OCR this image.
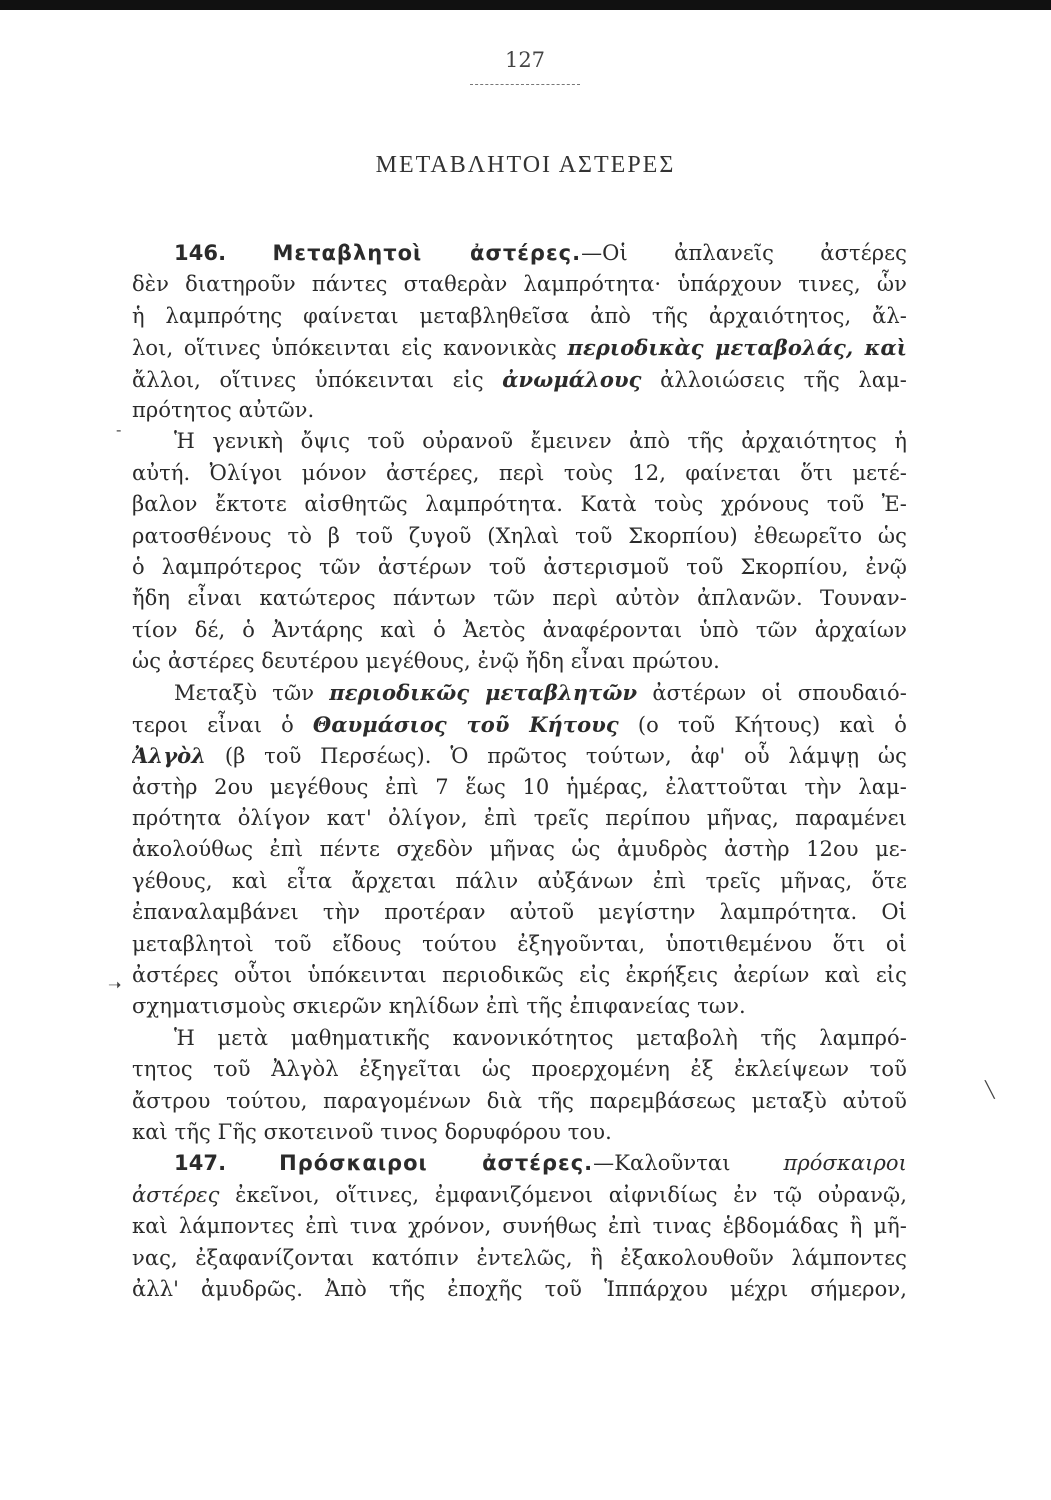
127
ΜΕΤΑΒΛΗΤΟΙ ΑΣΤΕΡΕΣ
‑
➝
╲
146. Μεταβλητοὶ ἀστέρες.—Οἱ ἀπλανεῖς ἀστέρες
δὲν διατηροῦν πάντες σταθερὰν λαμπρότητα· ὑπάρχουν τινες, ὧν
ἡ λαμπρότης φαίνεται μεταβληθεῖσα ἀπὸ τῆς ἀρχαιότητος, ἄλ-
λοι, οἵτινες ὑπόκεινται εἰς κανονικὰς περιοδικὰς μεταβολάς, καὶ
ἄλλοι, οἵτινες ὑπόκεινται εἰς ἀνωμάλους ἀλλοιώσεις τῆς λαμ-
πρότητος αὐτῶν.
Ἡ γενικὴ ὄψις τοῦ οὐρανοῦ ἔμεινεν ἀπὸ τῆς ἀρχαιότητος ἡ
αὐτή. Ὀλίγοι μόνον ἀστέρες, περὶ τοὺς 12, φαίνεται ὅτι μετέ-
βαλον ἔκτοτε αἰσθητῶς λαμπρότητα. Κατὰ τοὺς χρόνους τοῦ Ἐ-
ρατοσθένους τὸ β τοῦ ζυγοῦ (Χηλαὶ τοῦ Σκορπίου) ἐθεωρεῖτο ὡς
ὁ λαμπρότερος τῶν ἀστέρων τοῦ ἀστερισμοῦ τοῦ Σκορπίου, ἐνῷ
ἤδη εἶναι κατώτερος πάντων τῶν περὶ αὐτὸν ἀπλανῶν. Τουναν-
τίον δέ, ὁ Ἀντάρης καὶ ὁ Ἀετὸς ἀναφέρονται ὑπὸ τῶν ἀρχαίων
ὡς ἀστέρες δευτέρου μεγέθους, ἐνῷ ἤδη εἶναι πρώτου.
Μεταξὺ τῶν περιοδικῶς μεταβλητῶν ἀστέρων οἱ σπουδαιό-
τεροι εἶναι ὁ Θαυμάσιος τοῦ Κήτους (ο τοῦ Κήτους) καὶ ὁ
Ἀλγὸλ (β τοῦ Περσέως). Ὁ πρῶτος τούτων, ἀφ' οὗ λάμψῃ ὡς
ἀστὴρ 2ου μεγέθους ἐπὶ 7 ἕως 10 ἡμέρας, ἐλαττοῦται τὴν λαμ-
πρότητα ὀλίγον κατ' ὀλίγον, ἐπὶ τρεῖς περίπου μῆνας, παραμένει
ἀκολούθως ἐπὶ πέντε σχεδὸν μῆνας ὡς ἀμυδρὸς ἀστὴρ 12ου με-
γέθους, καὶ εἶτα ἄρχεται πάλιν αὐξάνων ἐπὶ τρεῖς μῆνας, ὅτε
ἐπαναλαμβάνει τὴν προτέραν αὐτοῦ μεγίστην λαμπρότητα. Οἱ
μεταβλητοὶ τοῦ εἴδους τούτου ἐξηγοῦνται, ὑποτιθεμένου ὅτι οἱ
ἀστέρες οὗτοι ὑπόκεινται περιοδικῶς εἰς ἐκρήξεις ἀερίων καὶ εἰς
σχηματισμοὺς σκιερῶν κηλίδων ἐπὶ τῆς ἐπιφανείας των.
Ἡ μετὰ μαθηματικῆς κανονικότητος μεταβολὴ τῆς λαμπρό-
τητος τοῦ Ἀλγὸλ ἐξηγεῖται ὡς προερχομένη ἐξ ἐκλείψεων τοῦ
ἄστρου τούτου, παραγομένων διὰ τῆς παρεμβάσεως μεταξὺ αὐτοῦ
καὶ τῆς Γῆς σκοτεινοῦ τινος δορυφόρου του.
147.	Πρόσκαιροι ἀστέρες.—Καλοῦνται πρόσκαιροι
ἀστέρες ἐκεῖνοι, οἵτινες, ἐμφανιζόμενοι αἰφνιδίως ἐν τῷ οὐρανῷ,
καὶ λάμποντες ἐπὶ τινα χρόνον, συνήθως ἐπὶ τινας ἑβδομάδας ἢ μῆ-
νας, ἐξαφανίζονται κατόπιν ἐντελῶς, ἢ ἐξακολουθοῦν λάμποντες
ἀλλ' ἀμυδρῶς. Ἀπὸ τῆς ἐποχῆς τοῦ Ἱππάρχου μέχρι σήμερον,
